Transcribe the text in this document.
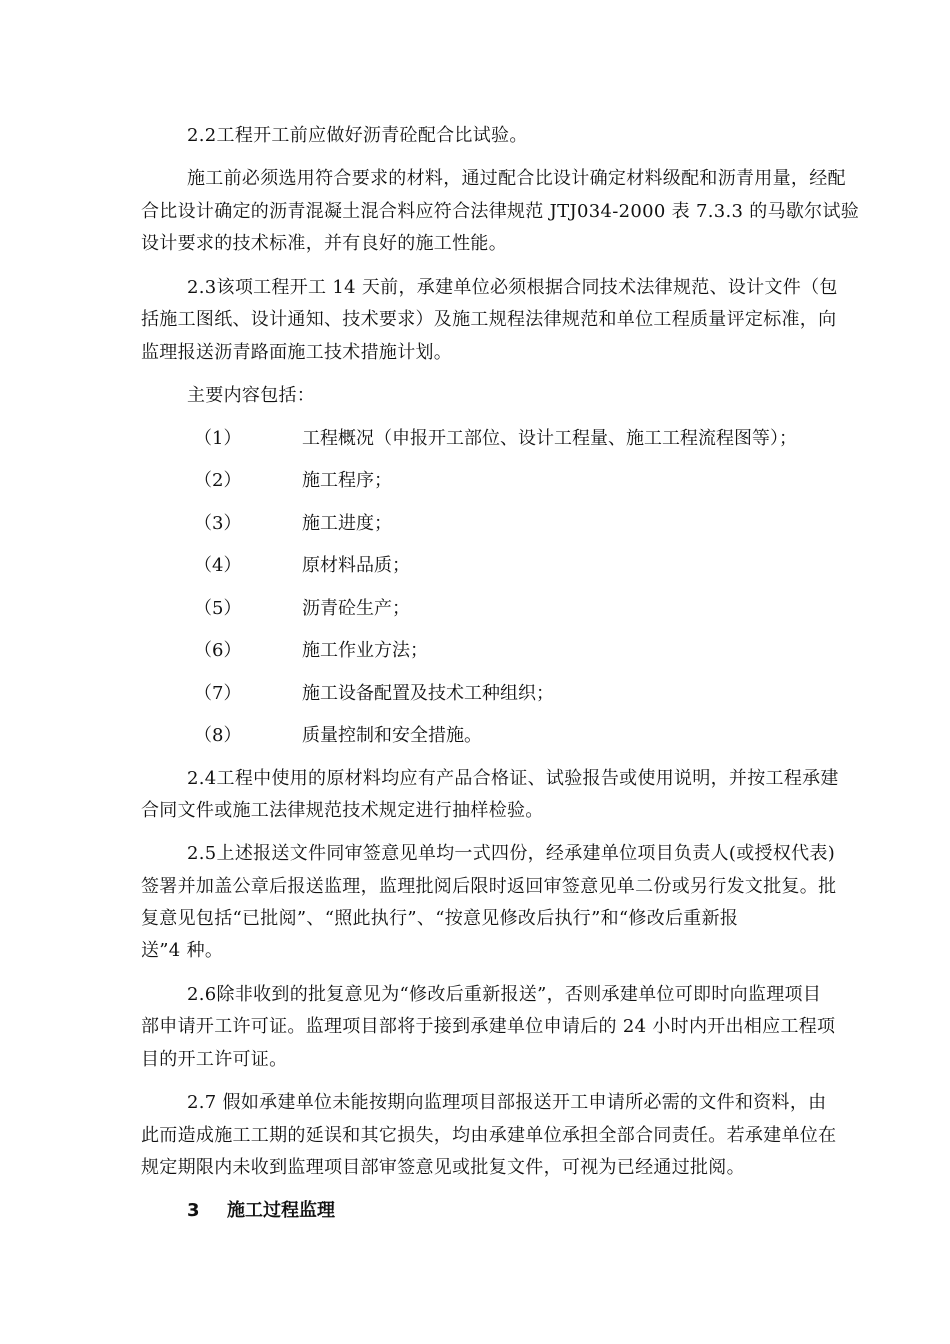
2.2工程开工前应做好沥青砼配合比试验。
施工前必须选用符合要求的材料，通过配合比设计确定材料级配和沥青用量，经配
合比设计确定的沥青混凝土混合料应符合法律规范 JTJ034-2000 表 7.3.3 的马歇尔试验
设计要求的技术标准，并有良好的施工性能。
2.3该项工程开工 14 天前，承建单位必须根据合同技术法律规范、设计文件（包
括施工图纸、设计通知、技术要求）及施工规程法律规范和单位工程质量评定标准，向
监理报送沥青路面施工技术措施计划。
主要内容包括：
（1）	工程概况（申报开工部位、设计工程量、施工工程流程图等）；
（2）	施工程序；
（3）	施工进度；
（4）	原材料品质；
（5）	沥青砼生产；
（6）	施工作业方法；
（7）	施工设备配置及技术工种组织；
（8）	质量控制和安全措施。
2.4工程中使用的原材料均应有产品合格证、试验报告或使用说明，并按工程承建
合同文件或施工法律规范技术规定进行抽样检验。
2.5上述报送文件同审签意见单均一式四份，经承建单位项目负责人(或授权代表)
签署并加盖公章后报送监理，监理批阅后限时返回审签意见单二份或另行发文批复。批
复意见包括“已批阅”、“照此执行”、“按意见修改后执行”和“修改后重新报
送”4 种。
2.6除非收到的批复意见为“修改后重新报送”，否则承建单位可即时向监理项目
部申请开工许可证。监理项目部将于接到承建单位申请后的 24 小时内开出相应工程项
目的开工许可证。
2.7 假如承建单位未能按期向监理项目部报送开工申请所必需的文件和资料，由
此而造成施工工期的延误和其它损失，均由承建单位承担全部合同责任。若承建单位在
规定期限内未收到监理项目部审签意见或批复文件，可视为已经通过批阅。
3 施工过程监理
